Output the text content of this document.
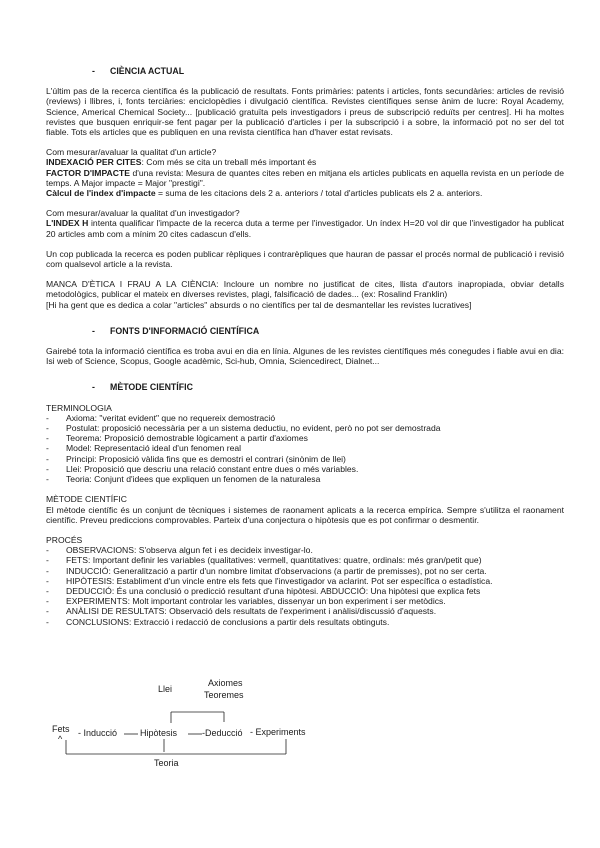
-	CIÈNCIA ACTUAL

L'últim pas de la recerca científica és la publicació de resultats. Fonts primàries: patents i articles, fonts secundàries: articles de revisió (reviews) i llibres, i, fonts terciàries: enciclopèdies i divulgació científica. Revistes científiques sense ànim de lucre: Royal Academy, Science, Americal Chemical Society... [publicació gratuïta pels investigadors i preus de subscripció reduïts per centres]. Hi ha moltes revistes que busquen enriquir-se fent pagar per la publicació d'articles i per la subscripció i a sobre, la informació pot no ser del tot fiable. Tots els articles que es publiquen en una revista científica han d'haver estat revisats.

Com mesurar/avaluar la qualitat d'un article?

INDEXACIÓ PER CITES: Com més se cita un treball més important és

FACTOR D'IMPACTE d'una revista: Mesura de quantes cites reben en mitjana els articles publicats en aquella revista en un període de temps. A Major impacte = Major "prestigi".

Càlcul de l'index d'impacte = suma de les citacions dels 2 a. anteriors / total d'articles publicats els 2 a. anteriors.

Com mesurar/avaluar la qualitat d'un investigador?

L'INDEX H intenta qualificar l'impacte de la recerca duta a terme per l'investigador. Un índex H=20 vol dir que l'investigador ha publicat 20 articles amb com a mínim 20 cites cadascun d'ells.

Un cop publicada la recerca es poden publicar rèpliques i contrarèpliques que hauran de passar el procés normal de publicació i revisió com qualsevol article a la revista.

MANCA D'ÈTICA I FRAU A LA CIÈNCIA: Incloure un nombre no justificat de cites, llista d'autors inapropiada, obviar detalls metodològics, publicar el mateix en diverses revistes, plagi, falsificació de dades... (ex: Rosalind Franklin)

[Hi ha gent que es dedica a colar "articles" absurds o no científics per tal de desmantellar les revistes lucratives]

-	FONTS D'INFORMACIÓ CIENTÍFICA

Gairebé tota la informació científica es troba avui en dia en línia. Algunes de les revistes científiques més conegudes i fiable avui en dia: Isi web of Science, Scopus, Google acadèmic, Sci-hub, Omnia, Sciencedirect, Dialnet...

-	MÈTODE CIENTÍFIC

TERMINOLOGIA

-	Axioma: "veritat evident" que no requereix demostració
-	Postulat: proposició necessària per a un sistema deductiu, no evident, però no pot ser demostrada
-	Teorema: Proposició demostrable lògicament a partir d'axiomes
-	Model: Representació ideal d'un fenomen real
-	Principi: Proposició vàlida fins que es demostri el contrari (sinònim de llei)
-	Llei: Proposició que descriu una relació constant entre dues o més variables.
-	Teoria: Conjunt d'idees que expliquen un fenomen de la naturalesa

MÈTODE CIENTÍFIC

El mètode científic és un conjunt de tècniques i sistemes de raonament aplicats a la recerca empírica. Sempre s'utilitza el raonament científic. Preveu prediccions comprovables. Parteix d'una conjectura o hipòtesis que es pot confirmar o desmentir.

PROCÉS

-	OBSERVACIONS: S'observa algun fet i es decideix investigar-lo.
-	FETS: Important definir les variables (qualitatives: vermell, quantitatives: quatre, ordinals: més gran/petit que)
-	INDUCCIÓ: Generalització a partir d'un nombre limitat d'observacions (a partir de premisses), pot no ser certa.
-	HIPÒTESIS: Establiment d'un vincle entre els fets que l'investigador va aclarint. Pot ser específica o estadística.
-	DEDUCCIÓ: És una conclusió o predicció resultant d'una hipòtesi. ABDUCCIÓ: Una hipòtesi que explica fets
-	EXPERIMENTS: Molt important controlar les variables, dissenyar un bon experiment i ser metòdics.
-	ANÀLISI DE RESULTATS: Observació dels resultats de l'experiment i anàlisi/discussió d'aquests.
-	CONCLUSIONS: Extracció i redacció de conclusions a partir dels resultats obtinguts.
Llei
Axiomes
Teoremes
Fets
^
- Inducció	Hipòtesis	-Deducció - Experiments
Teoria
